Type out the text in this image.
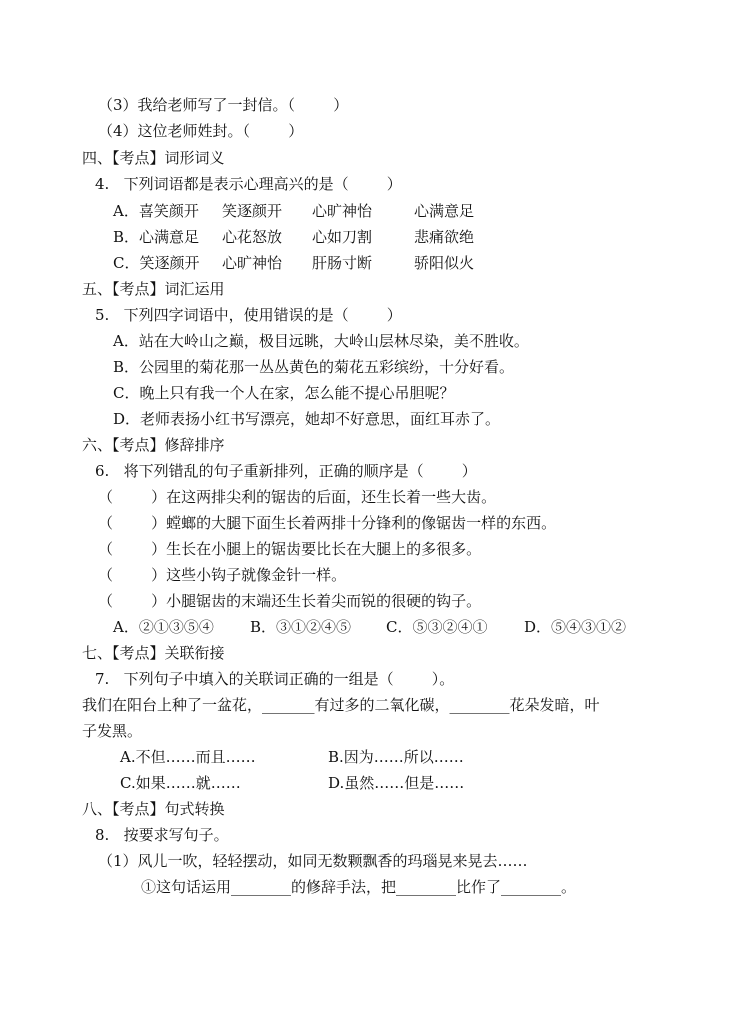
（3）我给老师写了一封信。（        ）
（4）这位老师姓封。（        ）
四、【考点】词形词义
4.   下列词语都是表示心理高兴的是（        ）
A．喜笑颜开 笑逐颜开 心旷神怡	心满意足
B．心满意足 心花怒放 心如刀割	悲痛欲绝
C．笑逐颜开 心旷神怡 肝肠寸断	骄阳似火
五、【考点】词汇运用
5.   下列四字词语中，使用错误的是（        ）
A．站在大岭山之巅，极目远眺，大岭山层林尽染，美不胜收。
B．公园里的菊花那一丛丛黄色的菊花五彩缤纷，十分好看。
C．晚上只有我一个人在家，怎么能不提心吊胆呢？
D．老师表扬小红书写漂亮，她却不好意思，面红耳赤了。
六、【考点】修辞排序
6.   将下列错乱的句子重新排列，正确的顺序是（        ）
（        ）在这两排尖利的锯齿的后面，还生长着一些大齿。
（        ）螳螂的大腿下面生长着两排十分锋利的像锯齿一样的东西。
（        ）生长在小腿上的锯齿要比长在大腿上的多很多。
（        ）这些小钩子就像金针一样。
（        ）小腿锯齿的末端还生长着尖而锐的很硬的钩子。
A．②①③⑤④ B．③①②④⑤ C．⑤③②④① D．⑤④③①②
七、【考点】关联衔接
7.   下列句子中填入的关联词正确的一组是（        ）。
我们在阳台上种了一盆花，_______有过多的二氧化碳，________花朵发暗，叶
子发黑。
A.不但……而且……	B.因为……所以……
C.如果……就……	D.虽然……但是……
八、【考点】句式转换
8.   按要求写句子。
（1）风儿一吹，轻轻摆动，如同无数颗飘香的玛瑙晃来晃去……
①这句话运用________的修辞手法，把________比作了________。
